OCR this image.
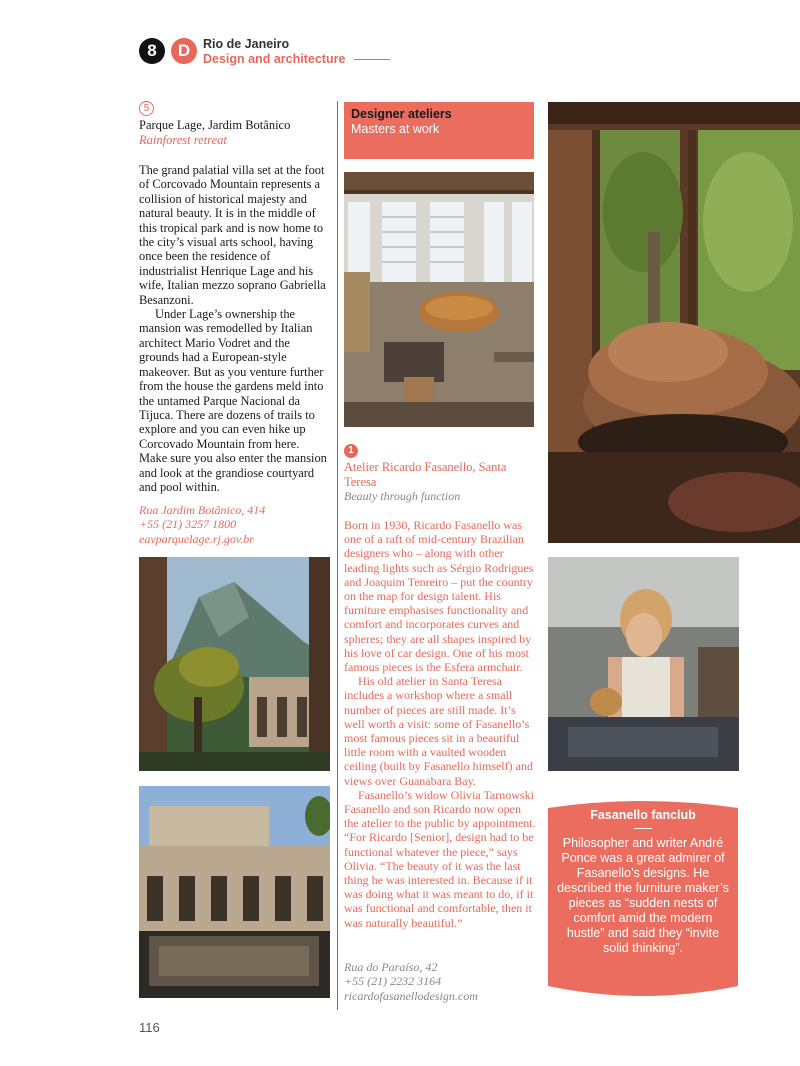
8	D	Rio de Janeiro
Design and architecture
5
Parque Lage, Jardim Botânico
Rainforest retreat

The grand palatial villa set at the foot of Corcovado Mountain represents a collision of historical majesty and natural beauty. It is in the middle of this tropical park and is now home to the city’s visual arts school, having once been the residence of industrialist Henrique Lage and his wife, Italian mezzo soprano Gabriella Besanzoni.

Under Lage’s ownership the mansion was remodelled by Italian architect Mario Vodret and the grounds had a European-style makeover. But as you venture further from the house the gardens meld into the untamed Parque Nacional da Tijuca. There are dozens of trails to explore and you can even hike up Corcovado Mountain from here. Make sure you also enter the mansion and look at the grandiose courtyard and pool within.

Rua Jardim Botânico, 414
+55 (21) 3257 1800
eavparquelage.rj.gov.br
Designer ateliers
Masters at work
1
Atelier Ricardo Fasanello, Santa Teresa
Beauty through function

Born in 1930, Ricardo Fasanello was one of a raft of mid-century Brazilian designers who – along with other leading lights such as Sérgio Rodrigues and Joaquim Tenreiro – put the country on the map for design talent. His furniture emphasises functionality and comfort and incorporates curves and spheres; they are all shapes inspired by his love of car design. One of his most famous pieces is the Esfera armchair.

His old atelier in Santa Teresa includes a workshop where a small number of pieces are still made. It’s well worth a visit: some of Fasanello’s most famous pieces sit in a beautiful little room with a vaulted wooden ceiling (built by Fasanello himself) and views over Guanabara Bay.

Fasanello’s widow Olivia Tarnowski Fasanello and son Ricardo now open the atelier to the public by appointment. “For Ricardo [Senior], design had to be functional whatever the piece,” says Olivia. “The beauty of it was the last thing he was interested in. Because if it was doing what it was meant to do, if it was functional and comfortable, then it was naturally beautiful.”

Rua do Paraíso, 42
+55 (21) 2232 3164
ricardofasanellodesign.com
Fasanello fanclub
Philosopher and writer André Ponce was a great admirer of Fasanello’s designs. He described the furniture maker’s pieces as “sudden nests of comfort amid the modern hustle” and said they “invite solid thinking”.
116
